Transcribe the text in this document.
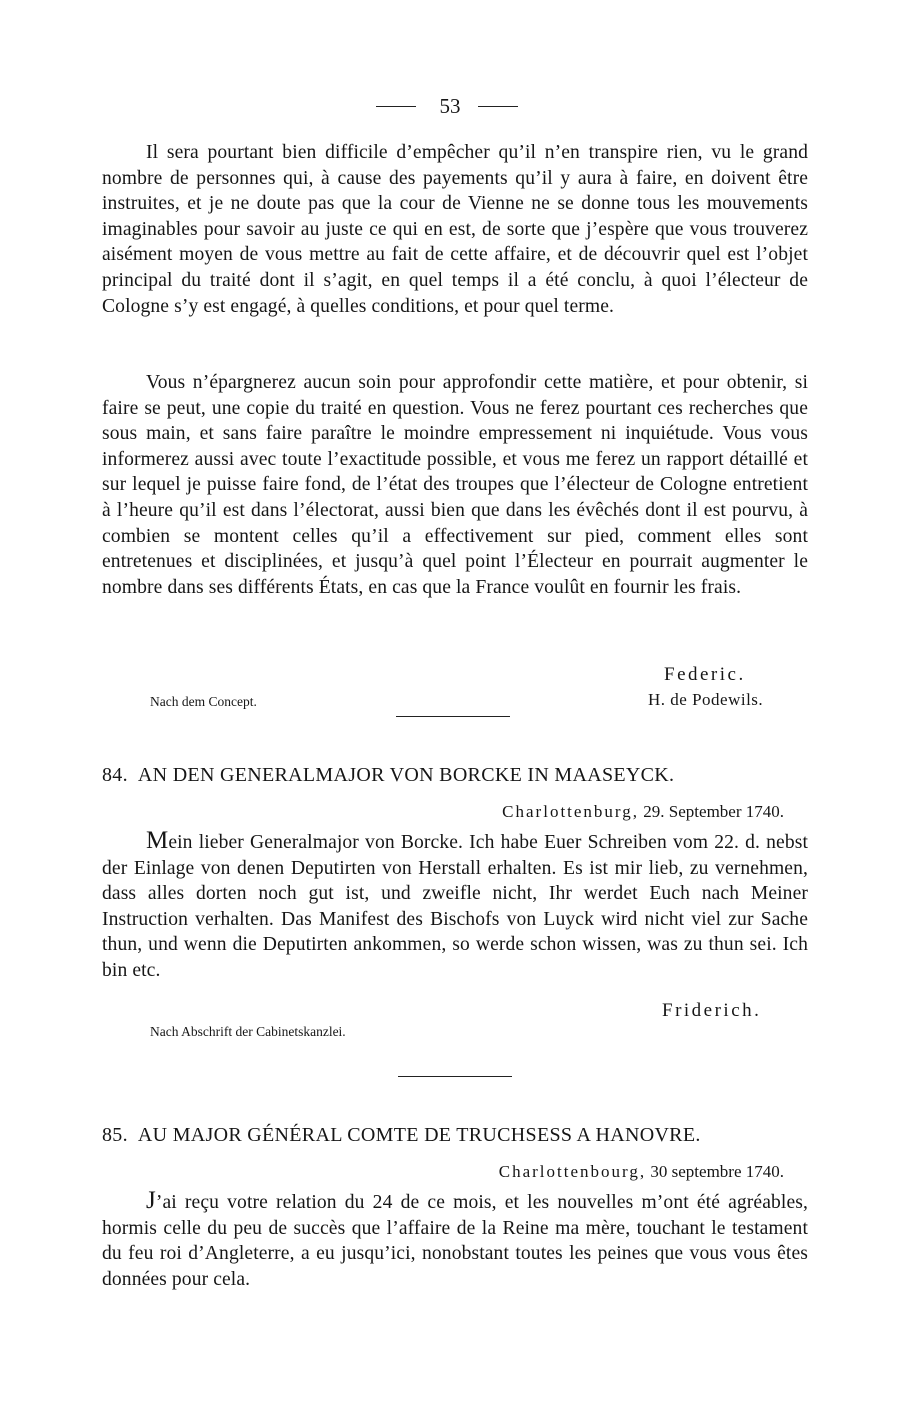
53

Il sera pourtant bien difficile d’empêcher qu’il n’en transpire rien, vu le grand nombre de personnes qui, à cause des payements qu’il y aura à faire, en doivent être instruites, et je ne doute pas que la cour de Vienne ne se donne tous les mouvements imaginables pour savoir au juste ce qui en est, de sorte que j’espère que vous trouverez aisément moyen de vous mettre au fait de cette affaire, et de découvrir quel est l’objet principal du traité dont il s’agit, en quel temps il a été conclu, à quoi l’électeur de Cologne s’y est engagé, à quelles conditions, et pour quel terme.

Vous n’épargnerez aucun soin pour approfondir cette matière, et pour obtenir, si faire se peut, une copie du traité en question. Vous ne ferez pourtant ces recherches que sous main, et sans faire paraître le moindre empressement ni inquiétude. Vous vous informerez aussi avec toute l’exactitude possible, et vous me ferez un rapport détaillé et sur lequel je puisse faire fond, de l’état des troupes que l’électeur de Cologne entretient à l’heure qu’il est dans l’électorat, aussi bien que dans les évêchés dont il est pourvu, à combien se montent celles qu’il a effectivement sur pied, comment elles sont entretenues et disciplinées, et jusqu’à quel point l’Électeur en pourrait augmenter le nombre dans ses différents États, en cas que la France voulût en fournir les frais.

Federic.
Nach dem Concept.	H. de Podewils.
84. AN DEN GENERALMAJOR VON BORCKE IN MAASEYCK.
Charlottenburg, 29. September 1740.

Mein lieber Generalmajor von Borcke. Ich habe Euer Schreiben vom 22. d. nebst der Einlage von denen Deputirten von Herstall erhalten. Es ist mir lieb, zu vernehmen, dass alles dorten noch gut ist, und zweifle nicht, Ihr werdet Euch nach Meiner Instruction verhalten. Das Manifest des Bischofs von Luyck wird nicht viel zur Sache thun, und wenn die Deputirten ankommen, so werde schon wissen, was zu thun sei. Ich bin etc.

Friderich.
Nach Abschrift der Cabinetskanzlei.
85. AU MAJOR GÉNÉRAL COMTE DE TRUCHSESS A HANOVRE.
Charlottenbourg, 30 septembre 1740.

J’ai reçu votre relation du 24 de ce mois, et les nouvelles m’ont été agréables, hormis celle du peu de succès que l’affaire de la Reine ma mère, touchant le testament du feu roi d’Angleterre, a eu jusqu’ici, nonobstant toutes les peines que vous vous êtes données pour cela.
